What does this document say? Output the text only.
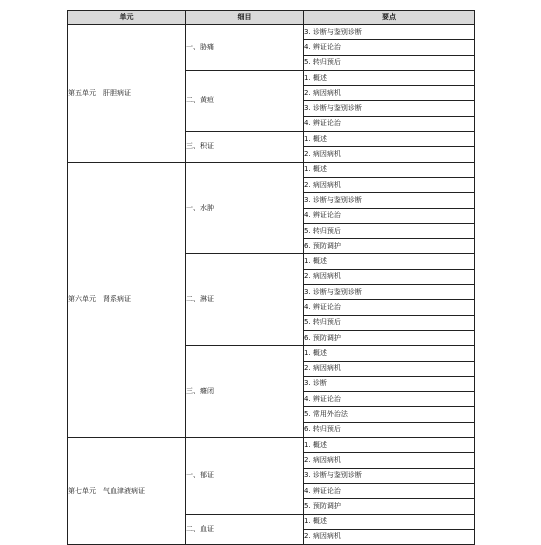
单元	细目	要点
第五单元　肝胆病证	一、胁痛	3. 诊断与鉴别诊断
		4. 辨证论治
		5. 转归预后
	二、黄疸	1. 概述
		2. 病因病机
		3. 诊断与鉴别诊断
		4. 辨证论治
	三、积证	1. 概述
		2. 病因病机
第六单元　肾系病证	一、水肿	1. 概述
		2. 病因病机
		3. 诊断与鉴别诊断
		4. 辨证论治
		5. 转归预后
		6. 预防调护
	二、淋证	1. 概述
		2. 病因病机
		3. 诊断与鉴别诊断
		4. 辨证论治
		5. 转归预后
		6. 预防调护
	三、癃闭	1. 概述
		2. 病因病机
		3. 诊断
		4. 辨证论治
		5. 常用外治法
		6. 转归预后
第七单元　气血津液病证	一、郁证	1. 概述
		2. 病因病机
		3. 诊断与鉴别诊断
		4. 辨证论治
		5. 预防调护
	二、血证	1. 概述
		2. 病因病机
